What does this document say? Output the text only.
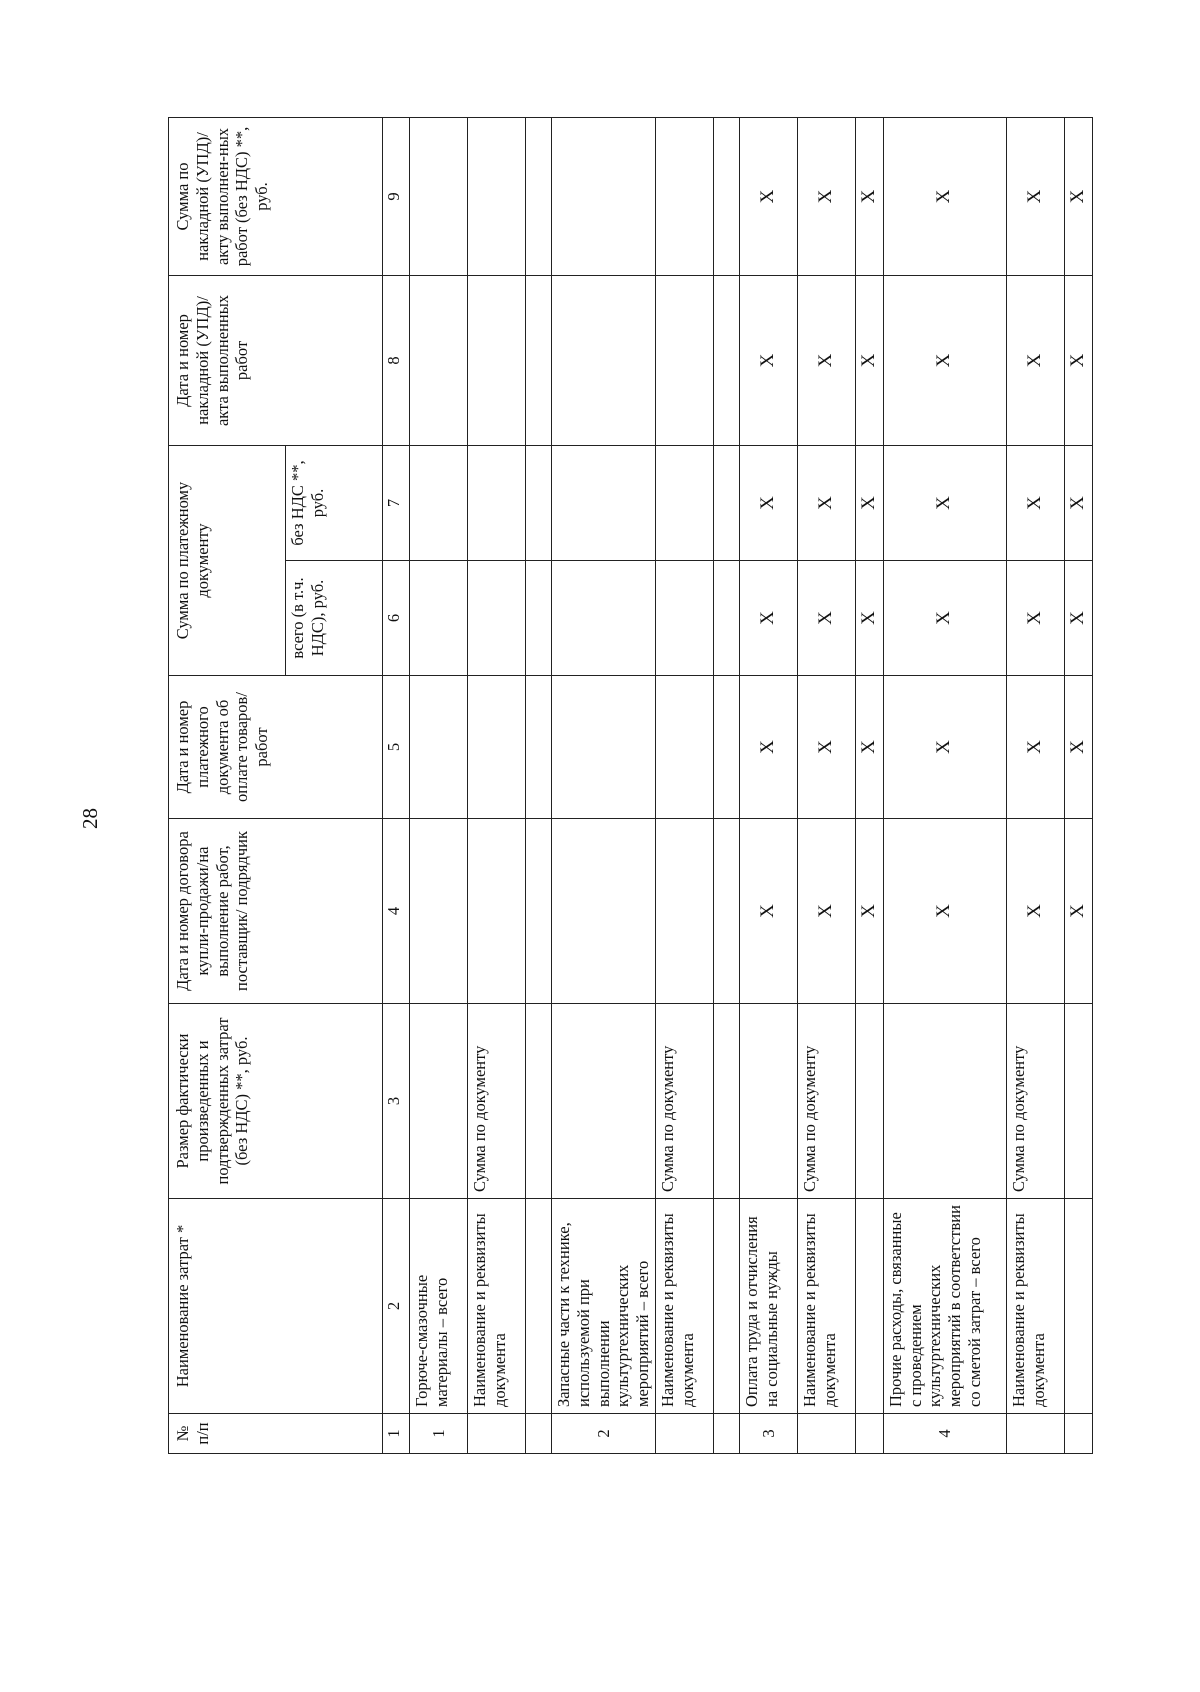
28
№
п/п	Наименование затрат *	Размер фактически произведенных и подтвержденных затрат (без НДС) **, руб.	Дата и номер договора купли-продажи/на выполнение работ, поставщик/ подрядчик	Дата и номер платежного документа об оплате товаров/ работ	Сумма по платежному документу		Дата и номер накладной (УПД)/акта выполненных работ	Сумма по накладной (УПД)/акту выполнен-ных работ (без НДС) **, руб.
					всего (в т.ч. НДС), руб.	без НДС **, руб.		
1	2	3	4	5	6	7	8	9
1	Горюче-смазочные материалы – всего							
	Наименование и реквизиты документа	Сумма по документу						

2	Запасные части к технике, используемой при выполнении культуртехнических мероприятий – всего							
	Наименование и реквизиты документа	Сумма по документу						

3	Оплата труда и отчисления на социальные нужды		Х	Х	Х	Х	Х	Х
	Наименование и реквизиты документа	Сумма по документу	Х	Х	Х	Х	Х	Х
			Х	Х	Х	Х	Х	Х
4	Прочие расходы, связанные с проведением культуртехнических мероприятий в соответствии со сметой затрат – всего		Х	Х	Х	Х	Х	Х
	Наименование и реквизиты документа	Сумма по документу	Х	Х	Х	Х	Х	Х
			Х	Х	Х	Х	Х	Х
